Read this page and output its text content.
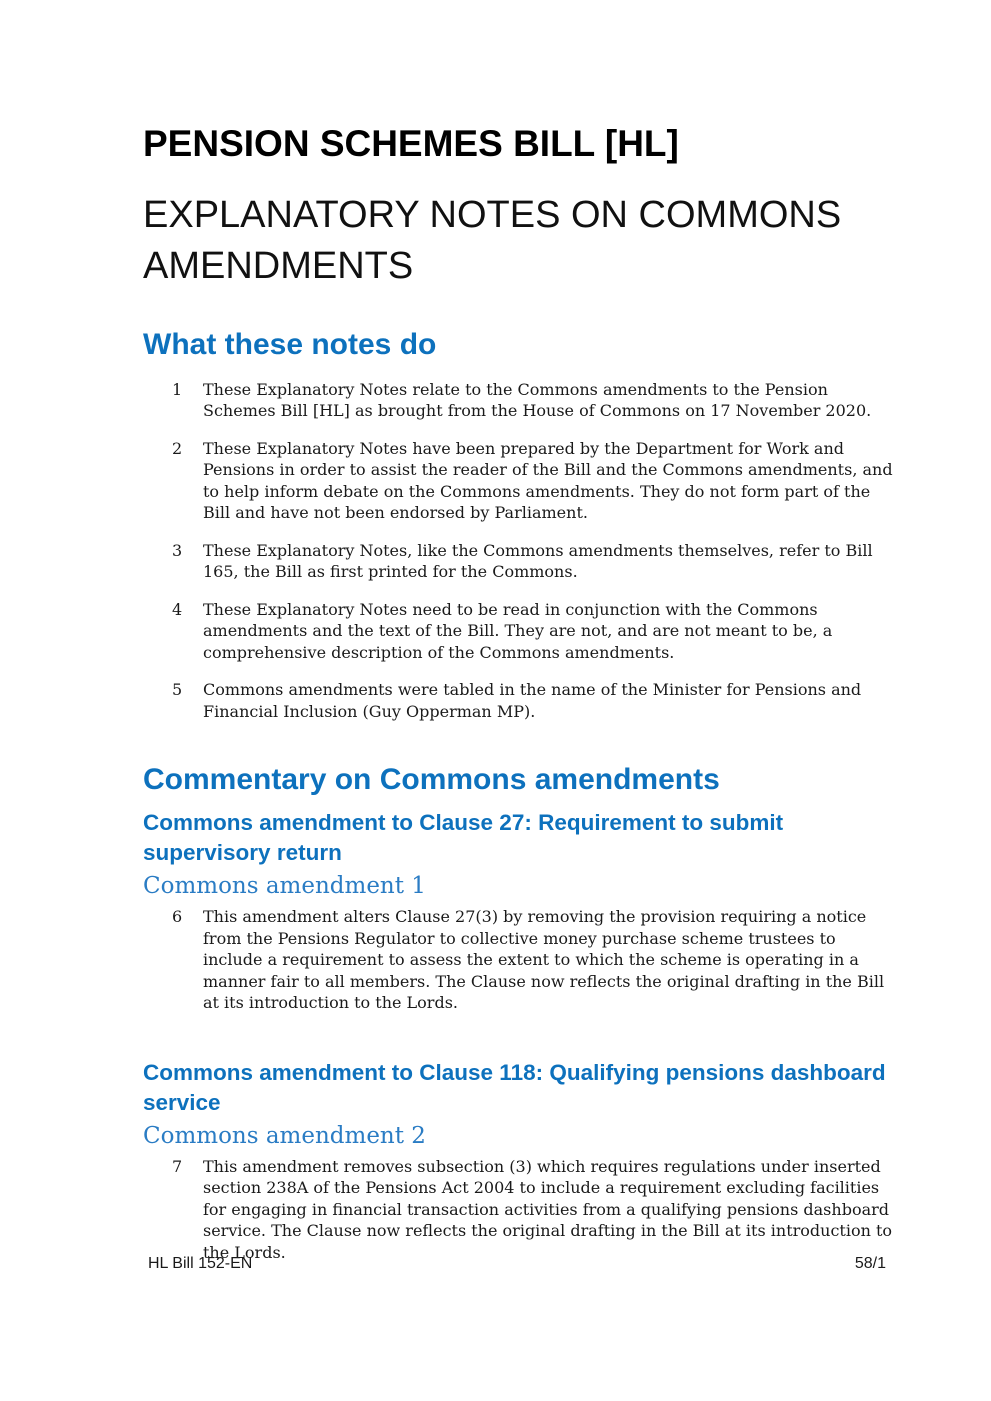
PENSION SCHEMES BILL [HL]
EXPLANATORY NOTES ON COMMONS AMENDMENTS
What these notes do
1	These Explanatory Notes relate to the Commons amendments to the Pension Schemes Bill [HL] as brought from the House of Commons on 17 November 2020.
2	These Explanatory Notes have been prepared by the Department for Work and Pensions in order to assist the reader of the Bill and the Commons amendments, and to help inform debate on the Commons amendments. They do not form part of the Bill and have not been endorsed by Parliament.
3	These Explanatory Notes, like the Commons amendments themselves, refer to Bill 165, the Bill as first printed for the Commons.
4	These Explanatory Notes need to be read in conjunction with the Commons amendments and the text of the Bill. They are not, and are not meant to be, a comprehensive description of the Commons amendments.
5	Commons amendments were tabled in the name of the Minister for Pensions and Financial Inclusion (Guy Opperman MP).
Commentary on Commons amendments
Commons amendment to Clause 27: Requirement to submit supervisory return
Commons amendment 1
6	This amendment alters Clause 27(3) by removing the provision requiring a notice from the Pensions Regulator to collective money purchase scheme trustees to include a requirement to assess the extent to which the scheme is operating in a manner fair to all members. The Clause now reflects the original drafting in the Bill at its introduction to the Lords.
Commons amendment to Clause 118: Qualifying pensions dashboard service
Commons amendment 2
7	This amendment removes subsection (3) which requires regulations under inserted section 238A of the Pensions Act 2004 to include a requirement excluding facilities for engaging in financial transaction activities from a qualifying pensions dashboard service. The Clause now reflects the original drafting in the Bill at its introduction to the Lords.
HL Bill 152-EN	58/1
